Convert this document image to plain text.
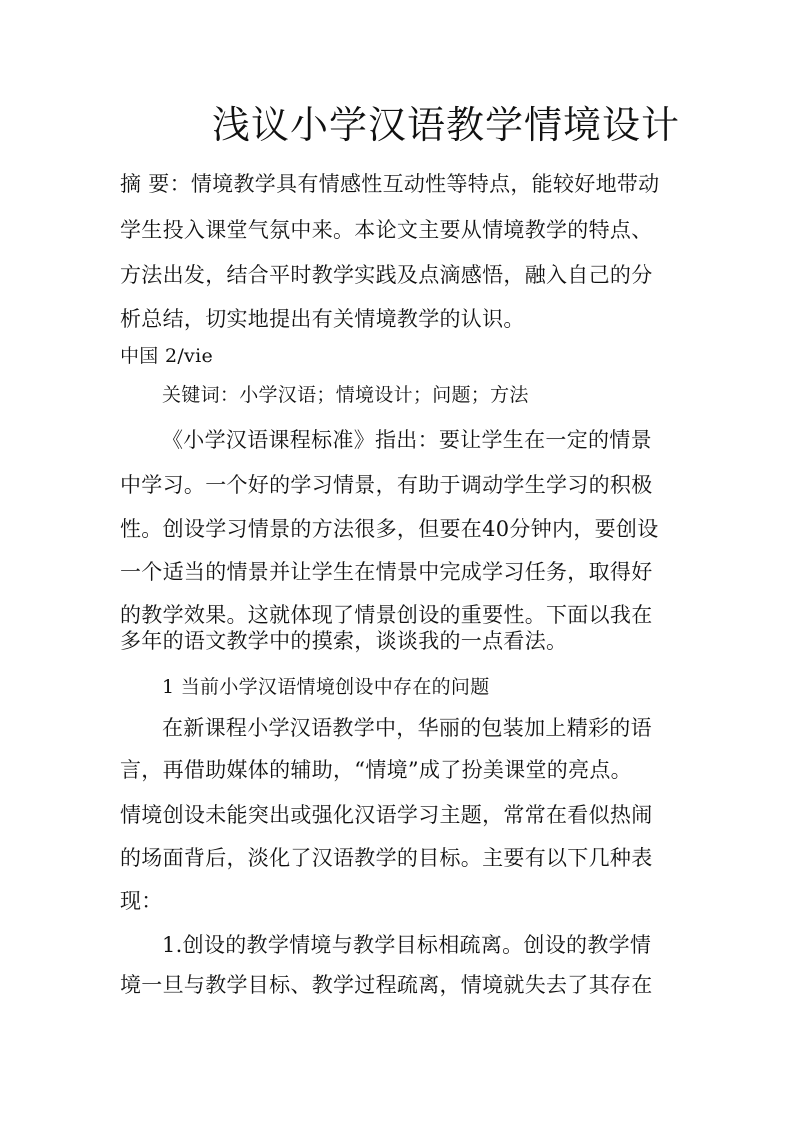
浅议小学汉语教学情境设计
摘 要：情境教学具有情感性互动性等特点，能较好地带动
学生投入课堂气氛中来。本论文主要从情境教学的特点、
方法出发，结合平时教学实践及点滴感悟，融入自己的分
析总结，切实地提出有关情境教学的认识。
中国 2/vie
关键词：小学汉语；情境设计；问题；方法
《小学汉语课程标准》指出：要让学生在一定的情景
中学习。一个好的学习情景，有助于调动学生学习的积极
性。创设学习情景的方法很多，但要在40分钟内，要创设
一个适当的情景并让学生在情景中完成学习任务，取得好
的教学效果。这就体现了情景创设的重要性。下面以我在
多年的语文教学中的摸索，谈谈我的一点看法。
1 当前小学汉语情境创设中存在的问题
在新课程小学汉语教学中，华丽的包装加上精彩的语
言，再借助媒体的辅助，“情境”成了扮美课堂的亮点。
情境创设未能突出或强化汉语学习主题，常常在看似热闹
的场面背后，淡化了汉语教学的目标。主要有以下几种表
现：
1.创设的教学情境与教学目标相疏离。创设的教学情
境一旦与教学目标、教学过程疏离，情境就失去了其存在
